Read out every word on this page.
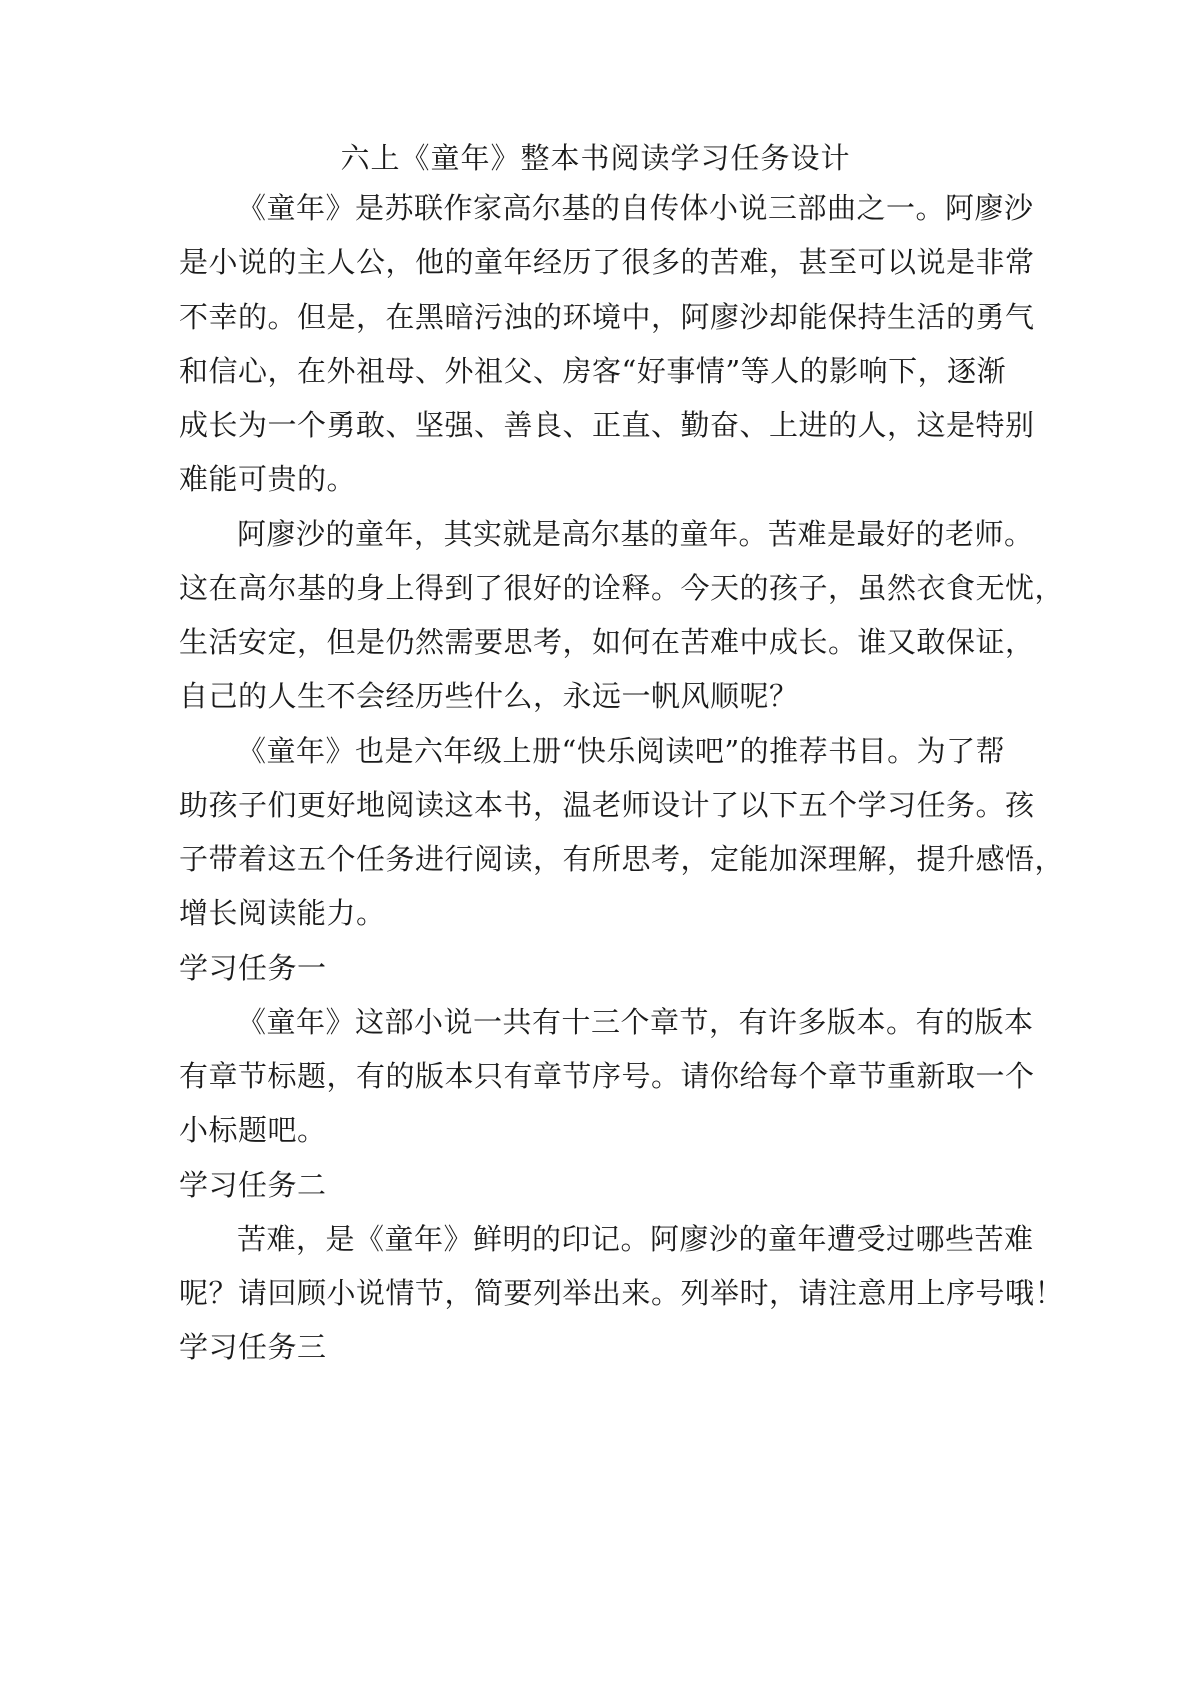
六上《童年》整本书阅读学习任务设计
《童年》是苏联作家高尔基的自传体小说三部曲之一。阿廖沙
是小说的主人公，他的童年经历了很多的苦难，甚至可以说是非常
不幸的。但是，在黑暗污浊的环境中，阿廖沙却能保持生活的勇气
和信心，在外祖母、外祖父、房客“好事情”等人的影响下，逐渐
成长为一个勇敢、坚强、善良、正直、勤奋、上进的人，这是特别
难能可贵的。
阿廖沙的童年，其实就是高尔基的童年。苦难是最好的老师。
这在高尔基的身上得到了很好的诠释。今天的孩子，虽然衣食无忧，
生活安定，但是仍然需要思考，如何在苦难中成长。谁又敢保证，
自己的人生不会经历些什么，永远一帆风顺呢？
《童年》也是六年级上册“快乐阅读吧”的推荐书目。为了帮
助孩子们更好地阅读这本书，温老师设计了以下五个学习任务。孩
子带着这五个任务进行阅读，有所思考，定能加深理解，提升感悟，
增长阅读能力。
学习任务一
《童年》这部小说一共有十三个章节，有许多版本。有的版本
有章节标题，有的版本只有章节序号。请你给每个章节重新取一个
小标题吧。
学习任务二
苦难，是《童年》鲜明的印记。阿廖沙的童年遭受过哪些苦难
呢？请回顾小说情节，简要列举出来。列举时，请注意用上序号哦！
学习任务三
